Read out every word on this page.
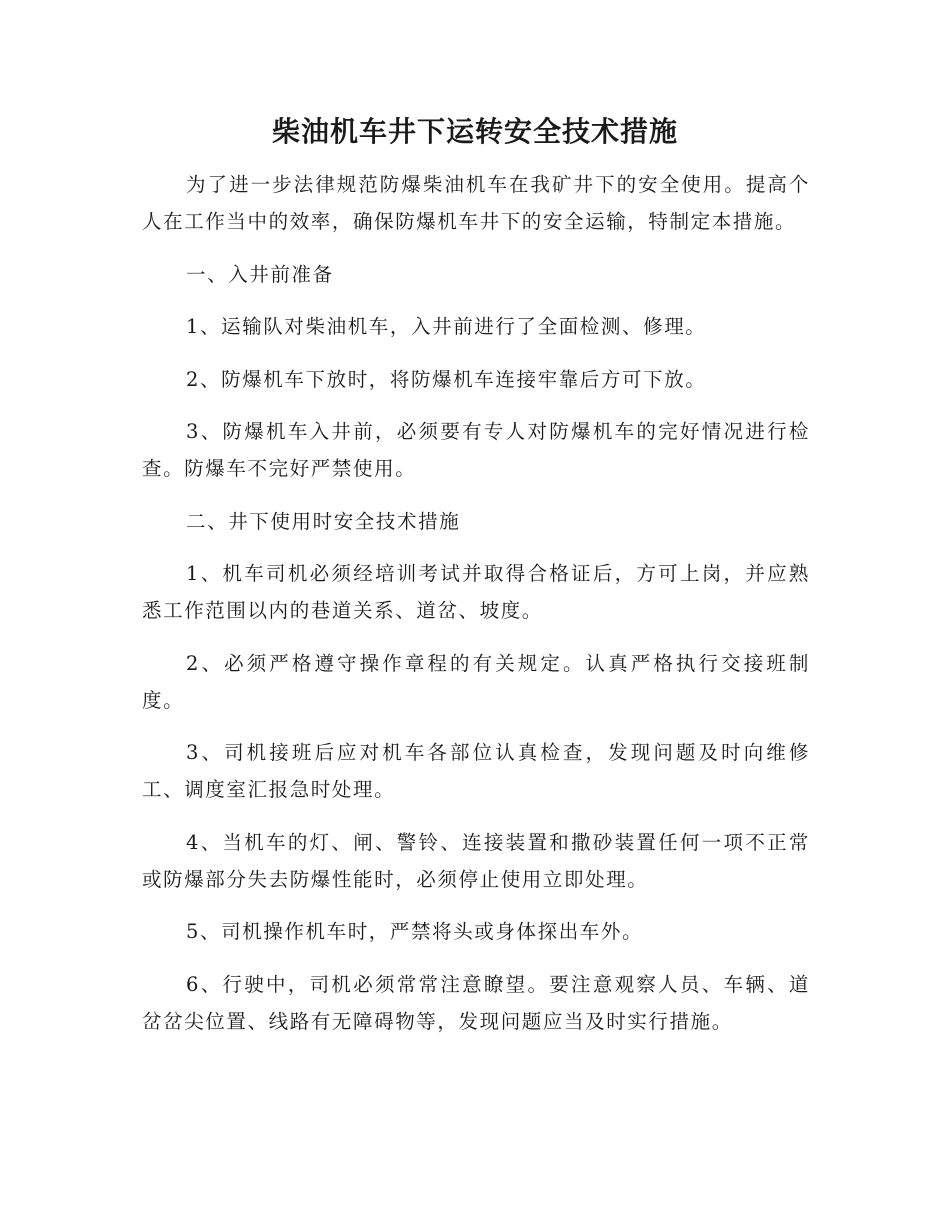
柴油机车井下运转安全技术措施

为了进一步法律规范防爆柴油机车在我矿井下的安全使用。提高个人在工作当中的效率，确保防爆机车井下的安全运输，特制定本措施。

一、入井前准备

1、运输队对柴油机车，入井前进行了全面检测、修理。

2、防爆机车下放时，将防爆机车连接牢靠后方可下放。

3、防爆机车入井前，必须要有专人对防爆机车的完好情况进行检查。防爆车不完好严禁使用。

二、井下使用时安全技术措施

1、机车司机必须经培训考试并取得合格证后，方可上岗，并应熟悉工作范围以内的巷道关系、道岔、坡度。

2、必须严格遵守操作章程的有关规定。认真严格执行交接班制度。

3、司机接班后应对机车各部位认真检查，发现问题及时向维修工、调度室汇报急时处理。

4、当机车的灯、闸、警铃、连接装置和撒砂装置任何一项不正常或防爆部分失去防爆性能时，必须停止使用立即处理。

5、司机操作机车时，严禁将头或身体探出车外。

6、行驶中，司机必须常常注意瞭望。要注意观察人员、车辆、道岔岔尖位置、线路有无障碍物等，发现问题应当及时实行措施。
